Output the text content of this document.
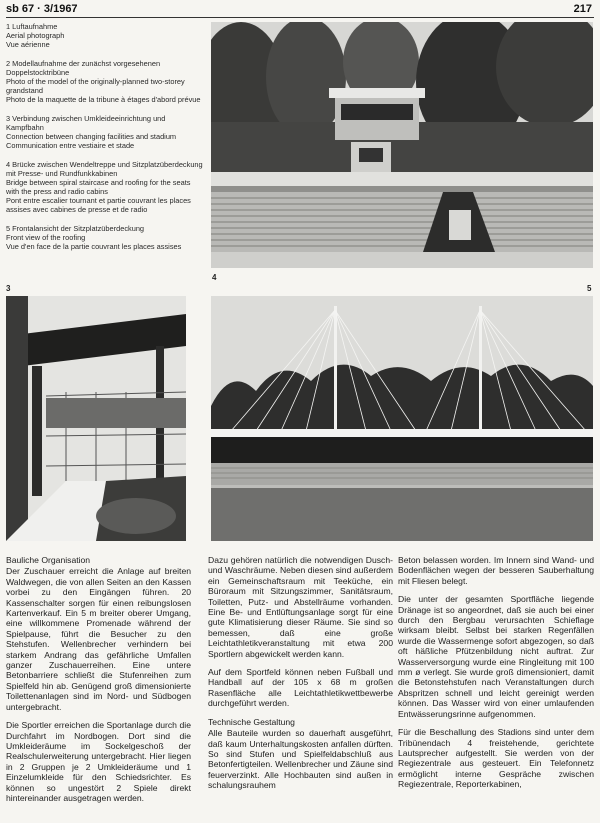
sb 67 · 3/1967	217
1 Luftaufnahme
Aerial photograph
Vue aérienne
2 Modellaufnahme der zunächst vorgesehenen Doppelstocktribüne
Photo of the model of the originally-planned two-storey grandstand
Photo de la maquette de la tribune à étages d'abord prévue
3 Verbindung zwischen Umkleideeinrichtung und Kampfbahn
Connection between changing facilities and stadium
Communication entre vestiaire et stade
4 Brücke zwischen Wendeltreppe und Sitzplatzüberdeckung mit Presse- und Rundfunkkabinen
Bridge between spiral staircase and roofing for the seats with the press and radio cabins
Pont entre escalier tournant et partie couvrant les places assises avec cabines de presse et de radio
5 Frontalansicht der Sitzplatzüberdeckung
Front view of the roofing
Vue d'en face de la partie couvrant les places assises
3
4
5
Bauliche Organisation

Der Zuschauer erreicht die Anlage auf breiten Waldwegen, die von allen Seiten an den Kassen vorbei zu den Eingängen führen. 20 Kassenschalter sorgen für einen reibungslosen Kartenverkauf. Ein 5 m breiter oberer Umgang, eine willkommene Promenade während der Spielpause, führt die Besucher zu den Stehstufen. Wellenbrecher verhindern bei starkem Andrang das gefährliche Umfallen ganzer Zuschauerreihen. Eine untere Betonbarriere schließt die Stufenreihen zum Spielfeld hin ab. Genügend groß dimensionierte Toilettenanlagen sind im Nord- und Südbogen untergebracht.

Die Sportler erreichen die Sportanlage durch die Durchfahrt im Nordbogen. Dort sind die Umkleideräume im Sockelgeschoß der Realschulerweiterung untergebracht. Hier liegen in 2 Gruppen je 2 Umkleideräume und 1 Einzelumkleide für den Schiedsrichter. Es können so ungestört 2 Spiele direkt hintereinander ausgetragen werden.

Dazu gehören natürlich die notwendigen Dusch- und Waschräume. Neben diesen sind außerdem ein Gemeinschaftsraum mit Teeküche, ein Büroraum mit Sitzungszimmer, Sanitätsraum, Toiletten, Putz- und Abstellräume vorhanden. Eine Be- und Entlüftungsanlage sorgt für eine gute Klimatisierung dieser Räume. Sie sind so bemessen, daß eine große Leichtathletikveranstaltung mit etwa 200 Sportlern abgewickelt werden kann.

Auf dem Sportfeld können neben Fußball und Handball auf der 105 x 68 m großen Rasenfläche alle Leichtathletikwettbewerbe durchgeführt werden.

Technische Gestaltung

Alle Bauteile wurden so dauerhaft ausgeführt, daß kaum Unterhaltungskosten anfallen dürften. So sind Stufen und Spielfeldabschluß aus Betonfertigteilen. Wellenbrecher und Zäune sind feuerverzinkt. Alle Hochbauten sind außen in schalungsrauhem

Beton belassen worden. Im Innern sind Wand- und Bodenflächen wegen der besseren Sauberhaltung mit Fliesen belegt.

Die unter der gesamten Sportfläche liegende Dränage ist so angeordnet, daß sie auch bei einer durch den Bergbau verursachten Schieflage wirksam bleibt. Selbst bei starken Regenfällen wurde die Wassermenge sofort abgezogen, so daß oft häßliche Pfützenbildung nicht auftrat. Zur Wasserversorgung wurde eine Ringleitung mit 100 mm ø verlegt. Sie wurde groß dimensioniert, damit die Betonstehstufen nach Veranstaltungen durch Abspritzen schnell und leicht gereinigt werden können. Das Wasser wird von einer umlaufenden Entwässerungsrinne aufgenommen.

Für die Beschallung des Stadions sind unter dem Tribünendach 4 freistehende, gerichtete Lautsprecher aufgestellt. Sie werden von der Regiezentrale aus gesteuert. Ein Telefonnetz ermöglicht interne Gespräche zwischen Regiezentrale, Reporterkabinen,
